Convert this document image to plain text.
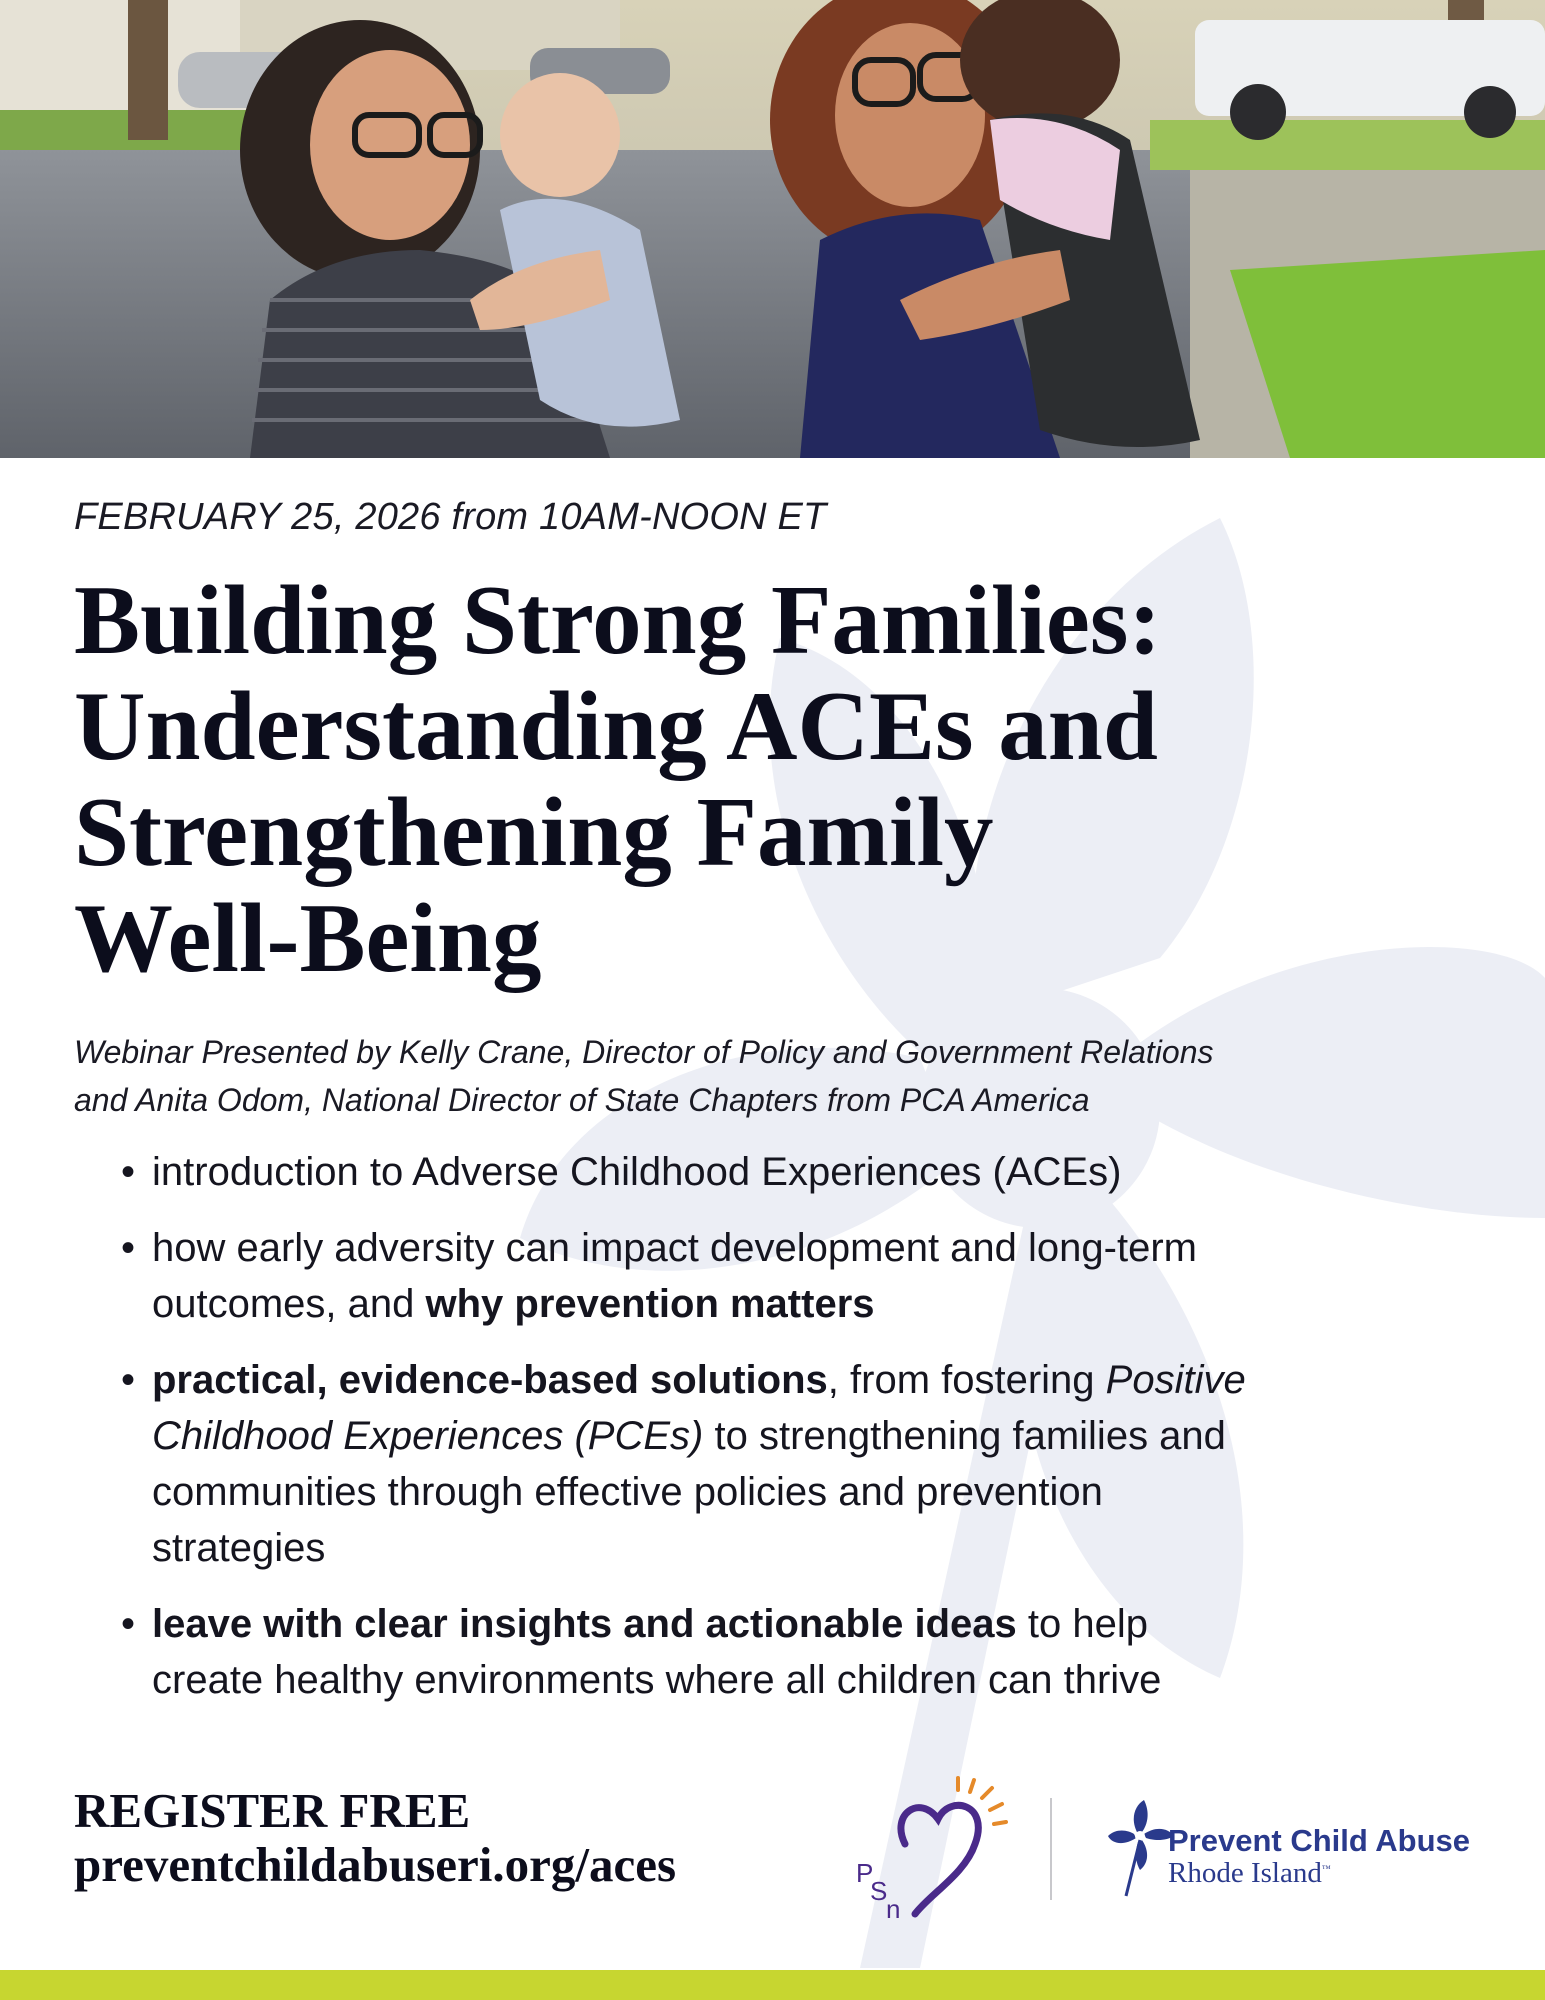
FEBRUARY 25, 2026 from 10AM-NOON ET
Building Strong Families:
Understanding ACEs and
Strengthening Family
Well-Being
Webinar Presented by Kelly Crane, Director of Policy and Government Relations
and Anita Odom, National Director of State Chapters from PCA America
• introduction to Adverse Childhood Experiences (ACEs)
• how early adversity can impact development and long-term
outcomes, and why prevention matters
• practical, evidence-based solutions, from fostering Positive
Childhood Experiences (PCEs) to strengthening families and
communities through effective policies and prevention
strategies
• leave with clear insights and actionable ideas to help
create healthy environments where all children can thrive
REGISTER FREE
preventchildabuseri.org/aces	P
S
n
Prevent Child Abuse
Rhode Island™
